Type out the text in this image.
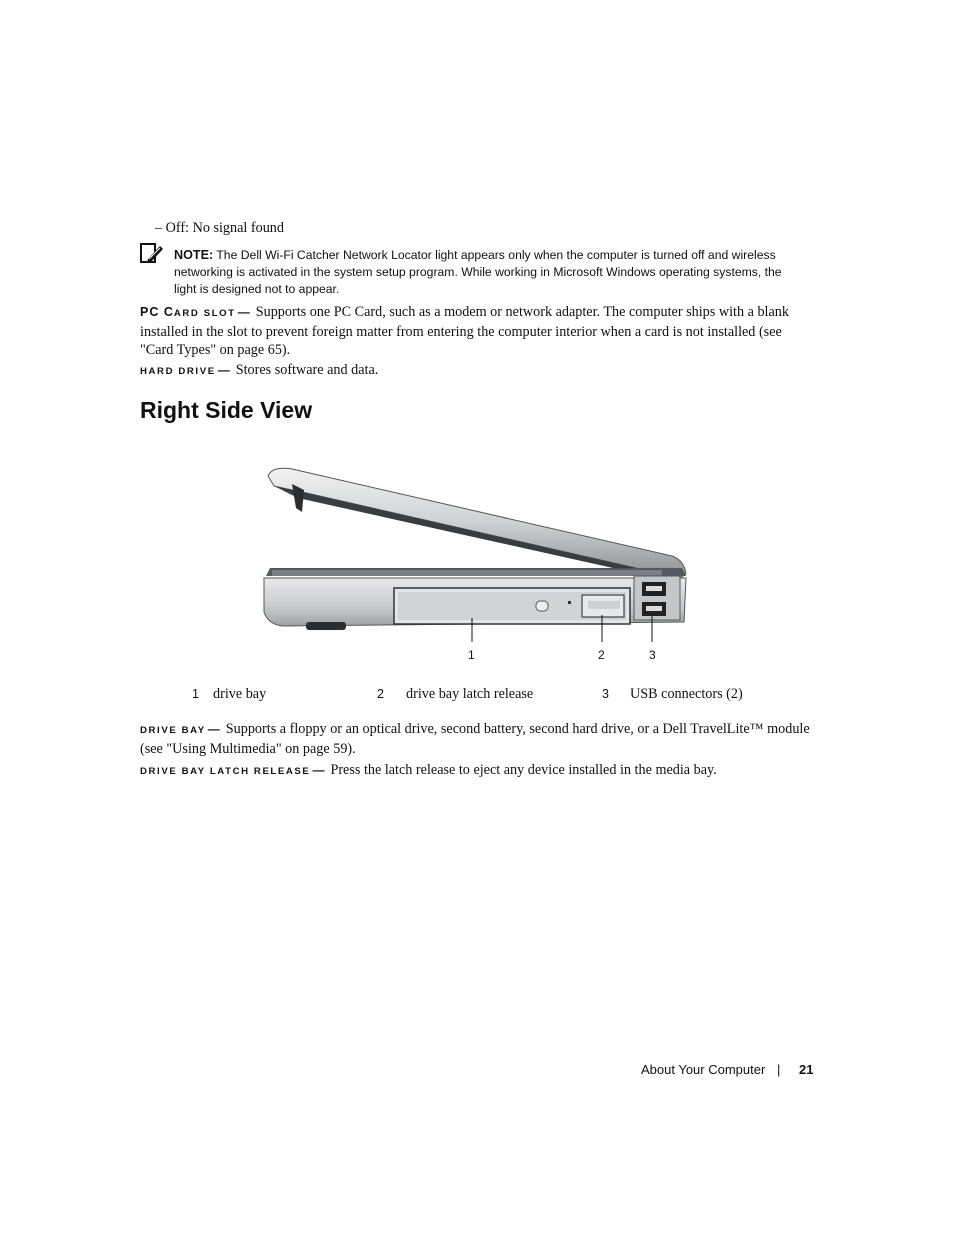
– Off: No signal found
NOTE: The Dell Wi-Fi Catcher Network Locator light appears only when the computer is turned off and wireless
networking is activated in the system setup program. While working in Microsoft Windows operating systems, the
light is designed not to appear.
PC CARD SLOT — Supports one PC Card, such as a modem or network adapter. The computer ships with a blank
installed in the slot to prevent foreign matter from entering the computer interior when a card is not installed (see
"Card Types" on page 65).
HARD DRIVE — Stores software and data.
Right Side View
1	2	3
1 drive bay	2 drive bay latch release	3 USB connectors (2)
DRIVE BAY — Supports a floppy or an optical drive, second battery, second hard drive, or a Dell TravelLite™ module
(see "Using Multimedia" on page 59).
DRIVE BAY LATCH RELEASE — Press the latch release to eject any device installed in the media bay.
About Your Computer | 21
